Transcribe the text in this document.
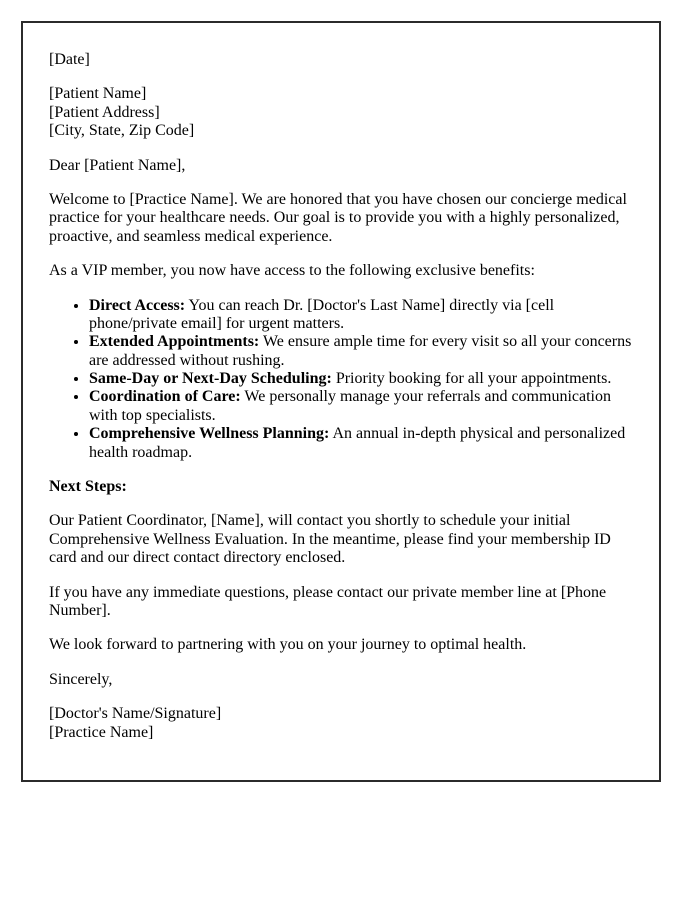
[Date]

[Patient Name]
[Patient Address]
[City, State, Zip Code]

Dear [Patient Name],

Welcome to [Practice Name]. We are honored that you have chosen our concierge medical practice for your healthcare needs. Our goal is to provide you with a highly personalized, proactive, and seamless medical experience.

As a VIP member, you now have access to the following exclusive benefits:

• Direct Access: You can reach Dr. [Doctor's Last Name] directly via [cell phone/private email] for urgent matters.
• Extended Appointments: We ensure ample time for every visit so all your concerns are addressed without rushing.
• Same-Day or Next-Day Scheduling: Priority booking for all your appointments.
• Coordination of Care: We personally manage your referrals and communication with top specialists.
• Comprehensive Wellness Planning: An annual in-depth physical and personalized health roadmap.

Next Steps:

Our Patient Coordinator, [Name], will contact you shortly to schedule your initial Comprehensive Wellness Evaluation. In the meantime, please find your membership ID card and our direct contact directory enclosed.

If you have any immediate questions, please contact our private member line at [Phone Number].

We look forward to partnering with you on your journey to optimal health.

Sincerely,

[Doctor's Name/Signature]
[Practice Name]
